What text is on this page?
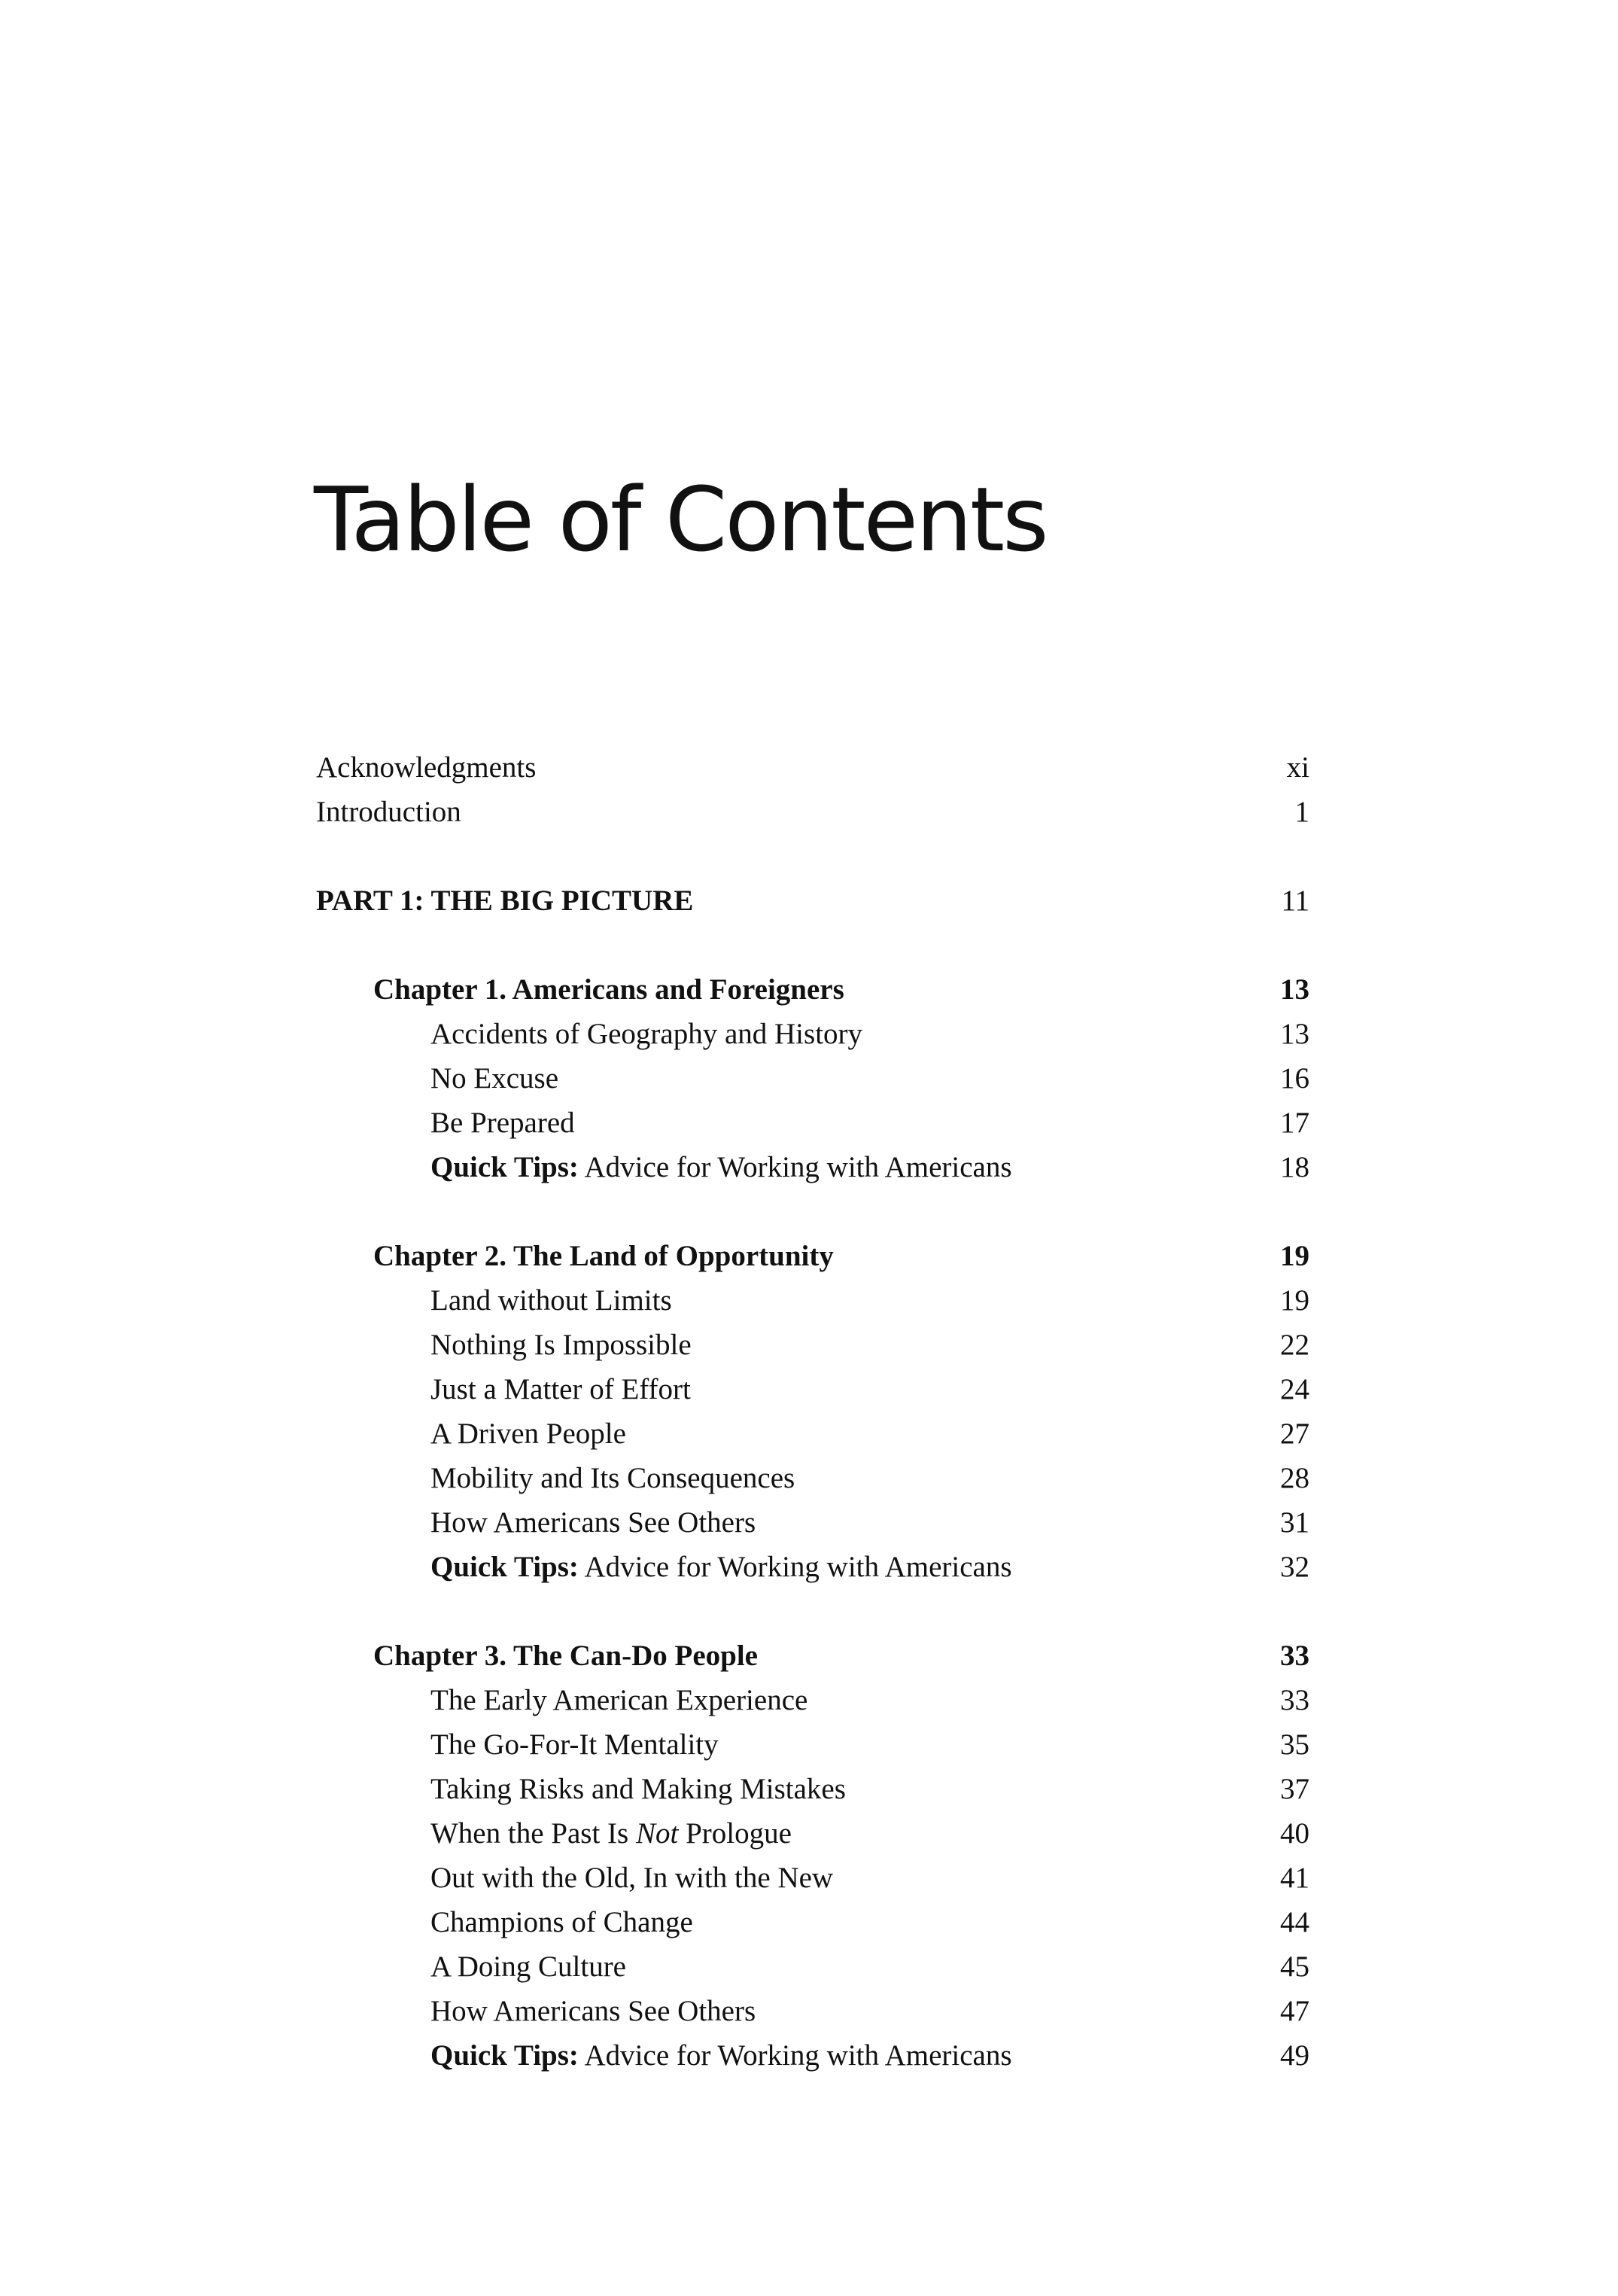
Table of Contents
Acknowledgments	xi
Introduction	1
PART 1: THE BIG PICTURE	11
Chapter 1. Americans and Foreigners	13
Accidents of Geography and History	13
No Excuse	16
Be Prepared	17
Quick Tips: Advice for Working with Americans	18
Chapter 2. The Land of Opportunity	19
Land without Limits	19
Nothing Is Impossible	22
Just a Matter of Effort	24
A Driven People	27
Mobility and Its Consequences	28
How Americans See Others	31
Quick Tips: Advice for Working with Americans	32
Chapter 3. The Can-Do People	33
The Early American Experience	33
The Go-For-It Mentality	35
Taking Risks and Making Mistakes	37
When the Past Is Not Prologue	40
Out with the Old, In with the New	41
Champions of Change	44
A Doing Culture	45
How Americans See Others	47
Quick Tips: Advice for Working with Americans	49
